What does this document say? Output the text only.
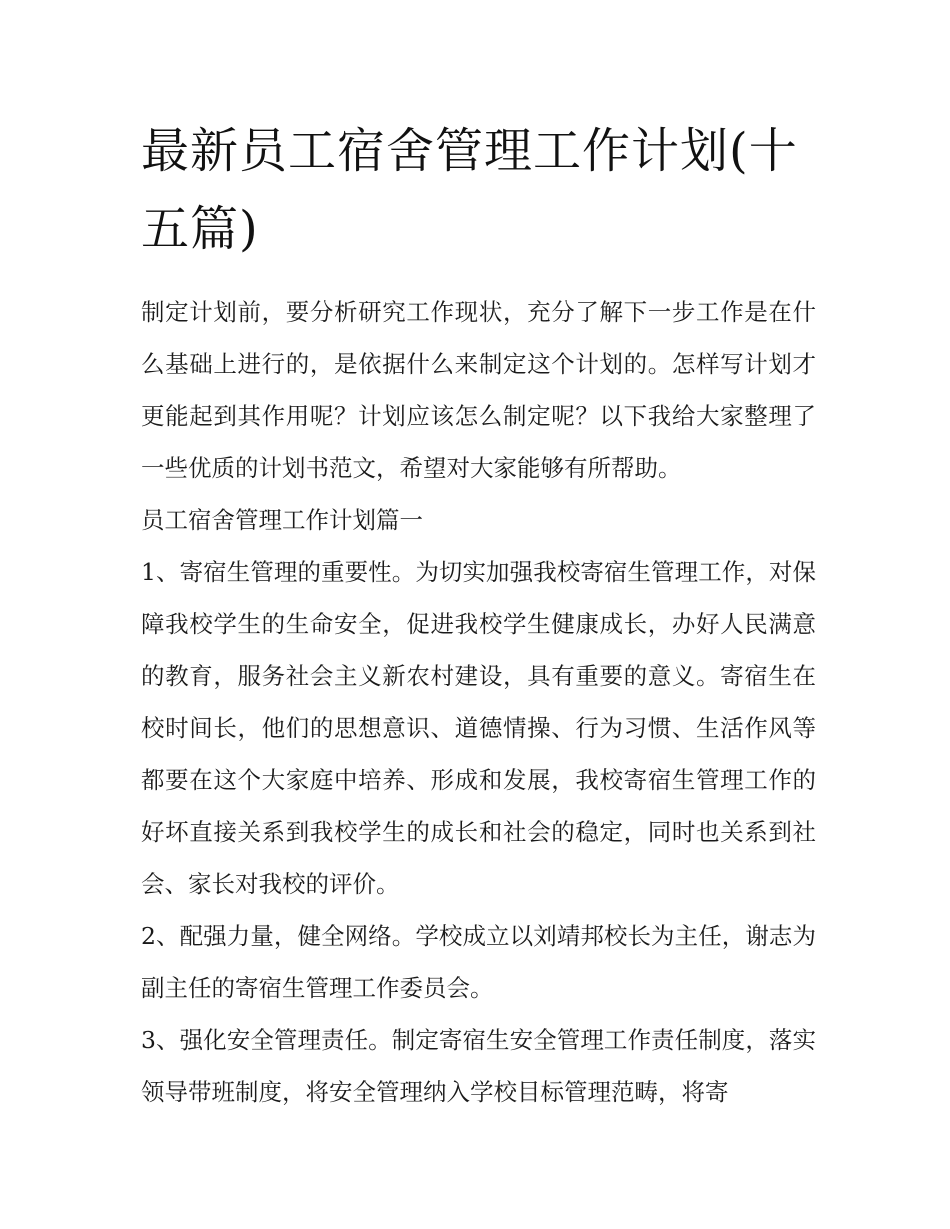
最新员工宿舍管理工作计划(十五篇)

制定计划前，要分析研究工作现状，充分了解下一步工作是在什么基础上进行的，是依据什么来制定这个计划的。怎样写计划才更能起到其作用呢？计划应该怎么制定呢？以下我给大家整理了一些优质的计划书范文，希望对大家能够有所帮助。

员工宿舍管理工作计划篇一

1、寄宿生管理的重要性。为切实加强我校寄宿生管理工作，对保障我校学生的生命安全，促进我校学生健康成长，办好人民满意的教育，服务社会主义新农村建设，具有重要的意义。寄宿生在校时间长，他们的思想意识、道德情操、行为习惯、生活作风等都要在这个大家庭中培养、形成和发展，我校寄宿生管理工作的好坏直接关系到我校学生的成长和社会的稳定，同时也关系到社会、家长对我校的评价。

2、配强力量，健全网络。学校成立以刘靖邦校长为主任，谢志为副主任的寄宿生管理工作委员会。

3、强化安全管理责任。制定寄宿生安全管理工作责任制度，落实领导带班制度，将安全管理纳入学校目标管理范畴，将寄
